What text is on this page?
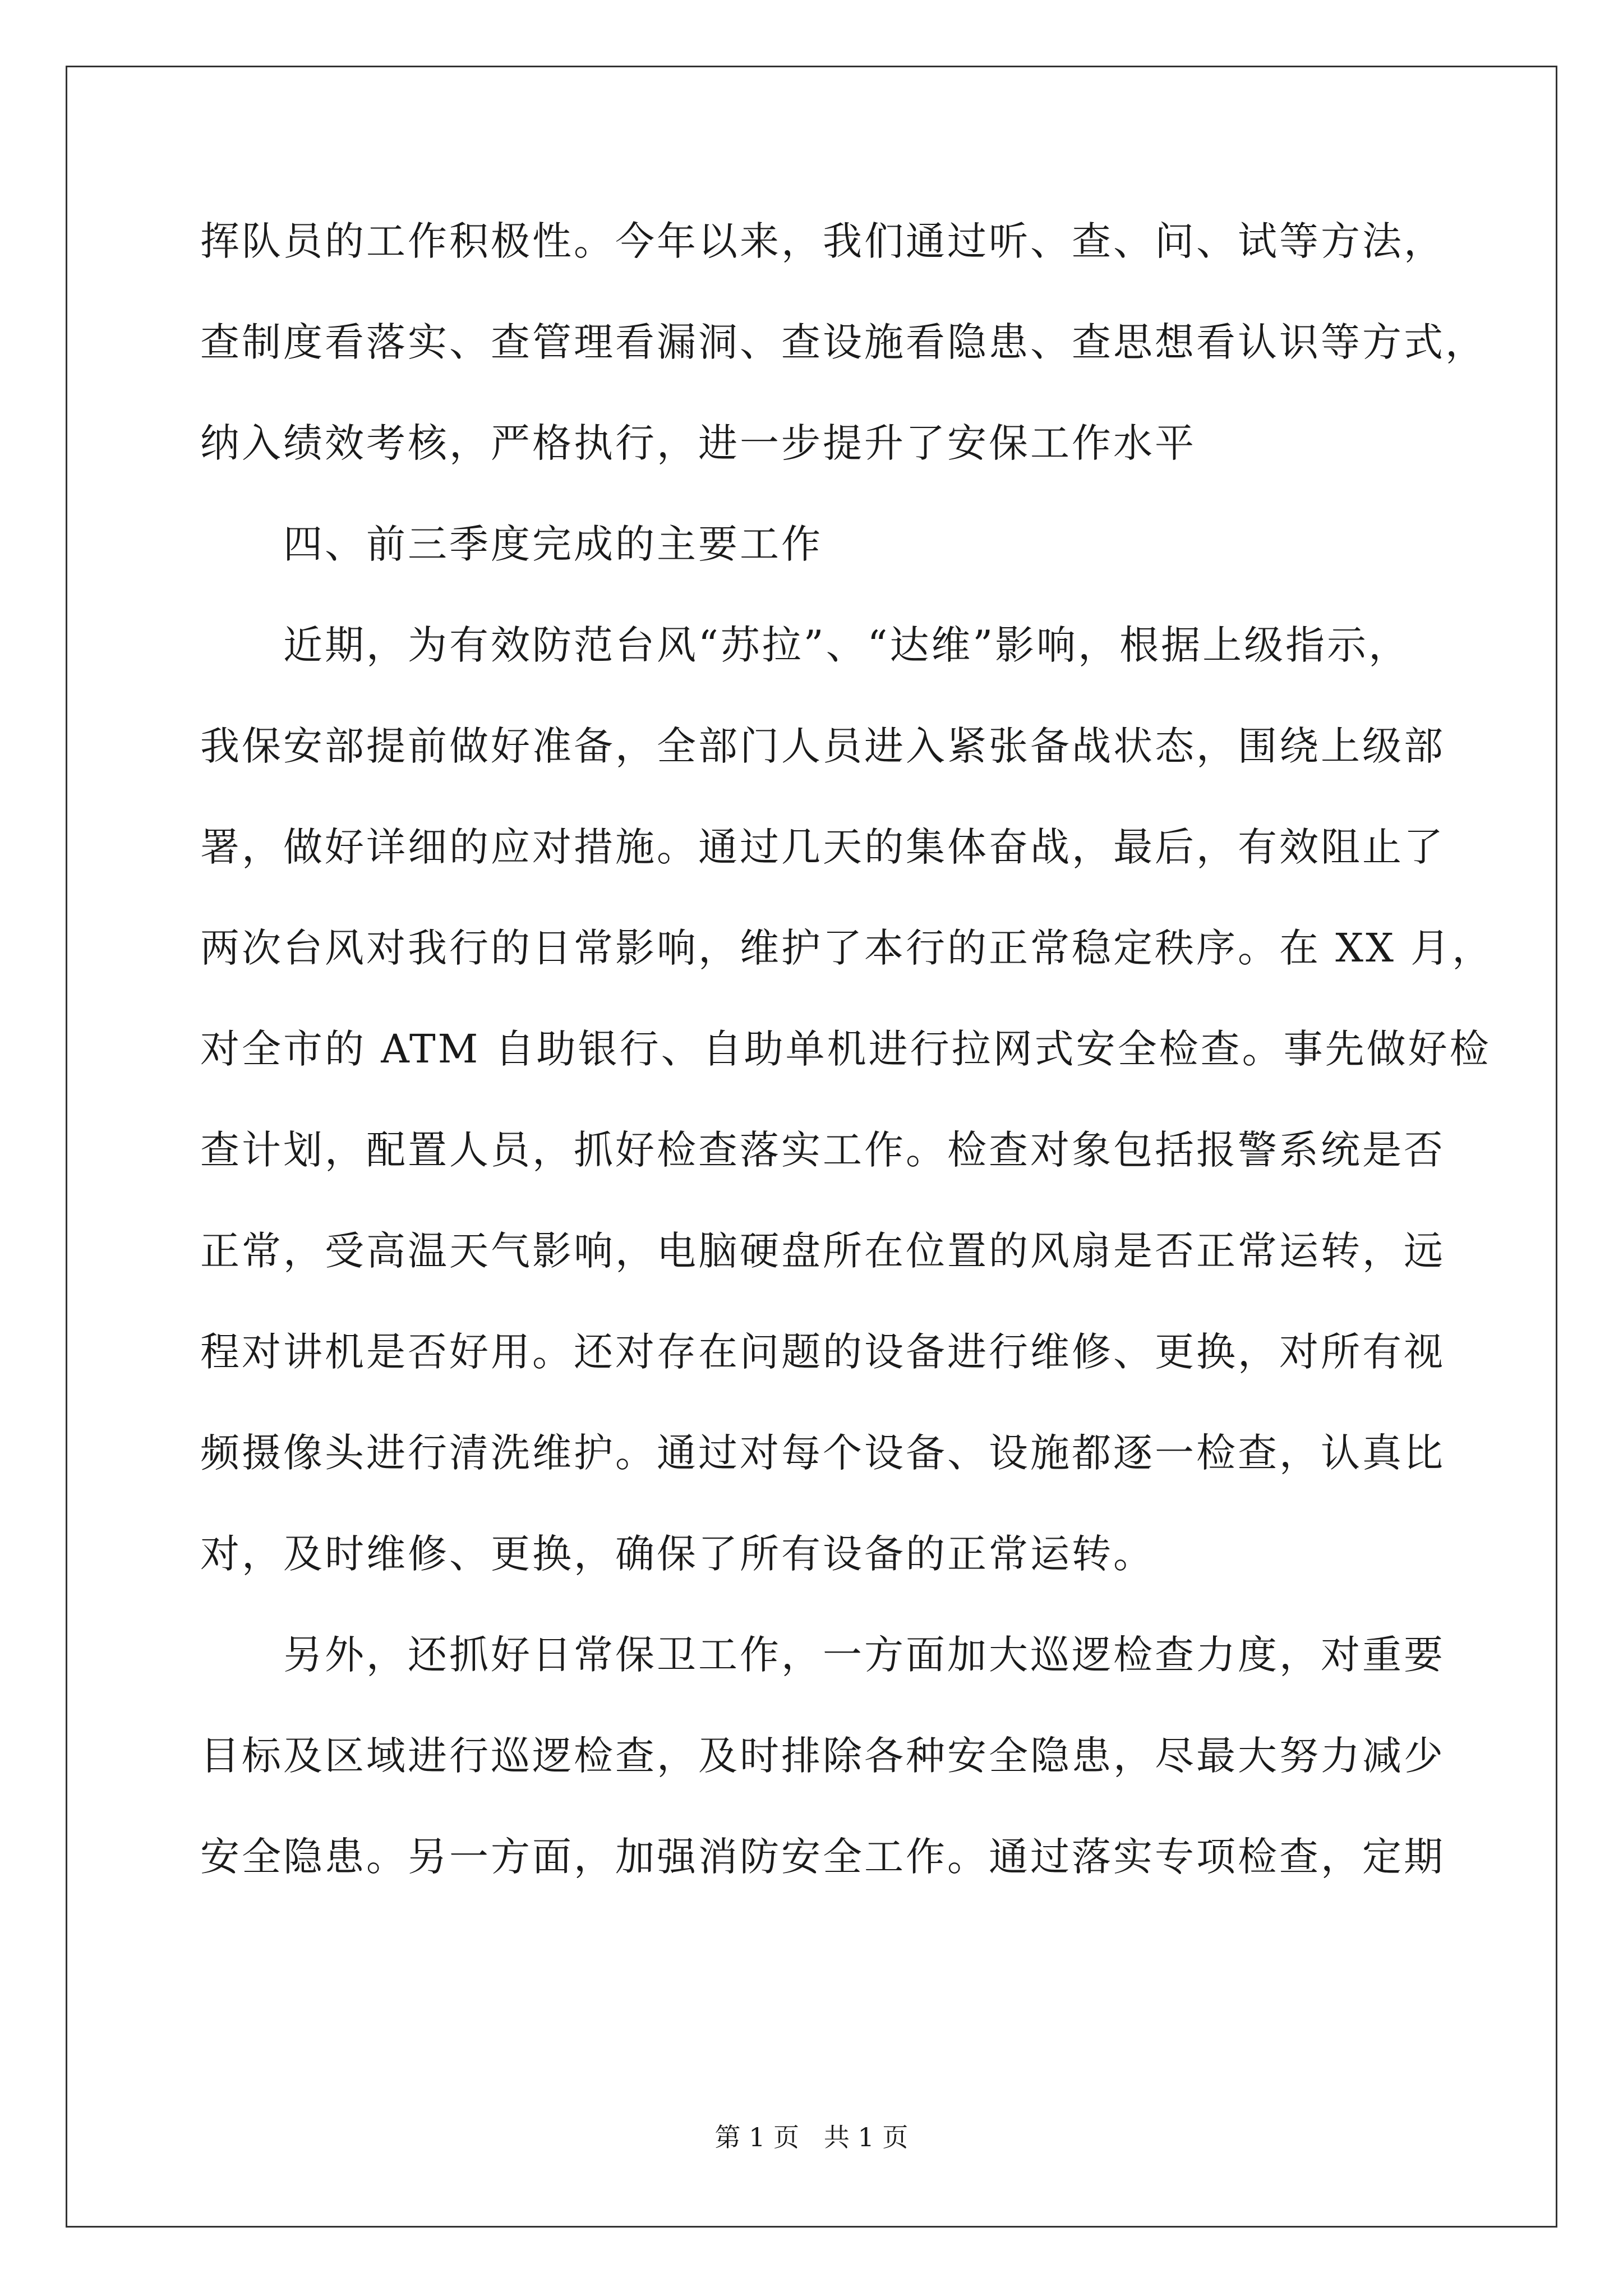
挥队员的工作积极性。今年以来，我们通过听、查、问、试等方法，
查制度看落实、查管理看漏洞、查设施看隐患、查思想看认识等方式，
纳入绩效考核，严格执行，进一步提升了安保工作水平
四、前三季度完成的主要工作
近期，为有效防范台风“苏拉”、“达维”影响，根据上级指示，
我保安部提前做好准备，全部门人员进入紧张备战状态，围绕上级部
署，做好详细的应对措施。通过几天的集体奋战，最后，有效阻止了
两次台风对我行的日常影响，维护了本行的正常稳定秩序。在 XX 月，
对全市的 ATM 自助银行、自助单机进行拉网式安全检查。事先做好检
查计划，配置人员，抓好检查落实工作。检查对象包括报警系统是否
正常，受高温天气影响，电脑硬盘所在位置的风扇是否正常运转，远
程对讲机是否好用。还对存在问题的设备进行维修、更换，对所有视
频摄像头进行清洗维护。通过对每个设备、设施都逐一检查，认真比
对，及时维修、更换，确保了所有设备的正常运转。
另外，还抓好日常保卫工作，一方面加大巡逻检查力度，对重要
目标及区域进行巡逻检查，及时排除各种安全隐患，尽最大努力减少
安全隐患。另一方面，加强消防安全工作。通过落实专项检查，定期
第 1 页   共 1 页
